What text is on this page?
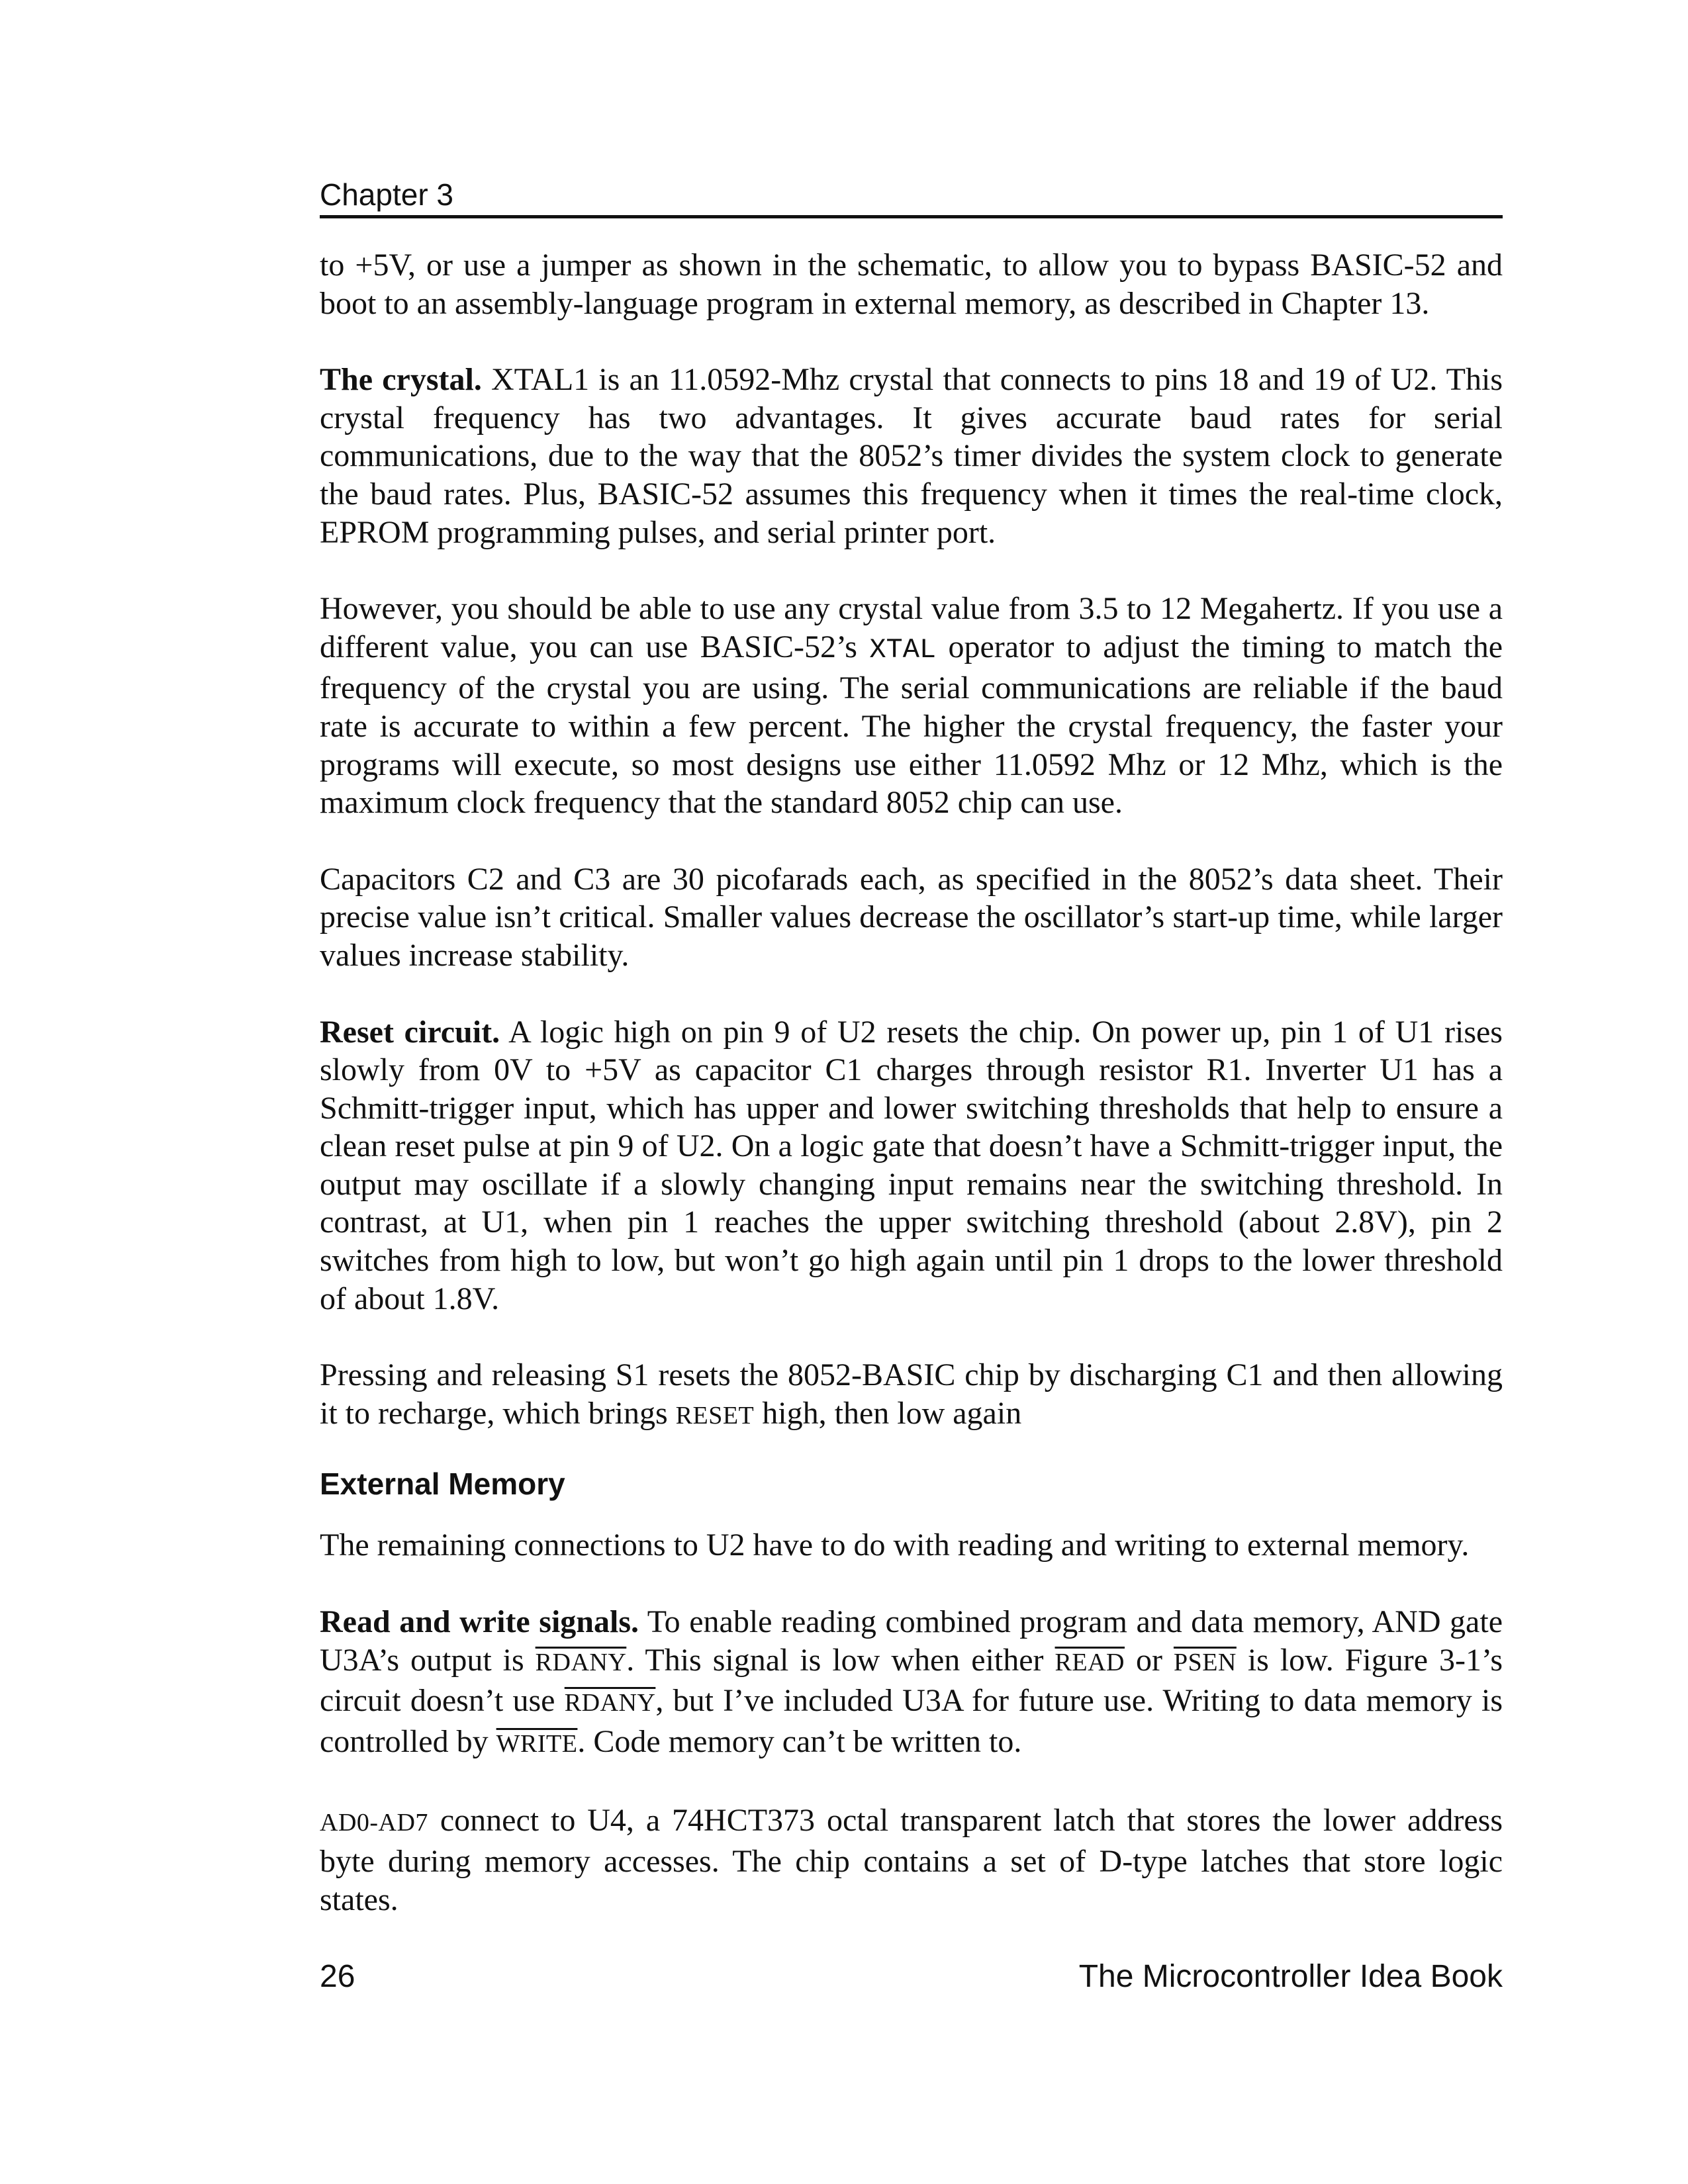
Chapter 3

to +5V, or use a jumper as shown in the schematic, to allow you to bypass BASIC-52 and boot to an assembly-language program in external memory, as described in Chapter 13.

The crystal. XTAL1 is an 11.0592-Mhz crystal that connects to pins 18 and 19 of U2. This crystal frequency has two advantages. It gives accurate baud rates for serial communications, due to the way that the 8052’s timer divides the system clock to generate the baud rates. Plus, BASIC-52 assumes this frequency when it times the real-time clock, EPROM programming pulses, and serial printer port.

However, you should be able to use any crystal value from 3.5 to 12 Megahertz. If you use a different value, you can use BASIC-52’s XTAL operator to adjust the timing to match the frequency of the crystal you are using. The serial communications are reliable if the baud rate is accurate to within a few percent. The higher the crystal frequency, the faster your programs will execute, so most designs use either 11.0592 Mhz or 12 Mhz, which is the maximum clock frequency that the standard 8052 chip can use.

Capacitors C2 and C3 are 30 picofarads each, as specified in the 8052’s data sheet. Their precise value isn’t critical. Smaller values decrease the oscillator’s start-up time, while larger values increase stability.

Reset circuit. A logic high on pin 9 of U2 resets the chip. On power up, pin 1 of U1 rises slowly from 0V to +5V as capacitor C1 charges through resistor R1. Inverter U1 has a Schmitt-trigger input, which has upper and lower switching thresholds that help to ensure a clean reset pulse at pin 9 of U2. On a logic gate that doesn’t have a Schmitt-trigger input, the output may oscillate if a slowly changing input remains near the switching threshold. In contrast, at U1, when pin 1 reaches the upper switching threshold (about 2.8V), pin 2 switches from high to low, but won’t go high again until pin 1 drops to the lower threshold of about 1.8V.

Pressing and releasing S1 resets the 8052-BASIC chip by discharging C1 and then allowing it to recharge, which brings RESET high, then low again

External Memory

The remaining connections to U2 have to do with reading and writing to external memory.

Read and write signals. To enable reading combined program and data memory, AND gate U3A’s output is RDANY. This signal is low when either READ or PSEN is low. Figure 3-1’s circuit doesn’t use RDANY, but I’ve included U3A for future use. Writing to data memory is controlled by WRITE. Code memory can’t be written to.

AD0-AD7 connect to U4, a 74HCT373 octal transparent latch that stores the lower address byte during memory accesses. The chip contains a set of D-type latches that store logic states.

26	The Microcontroller Idea Book
